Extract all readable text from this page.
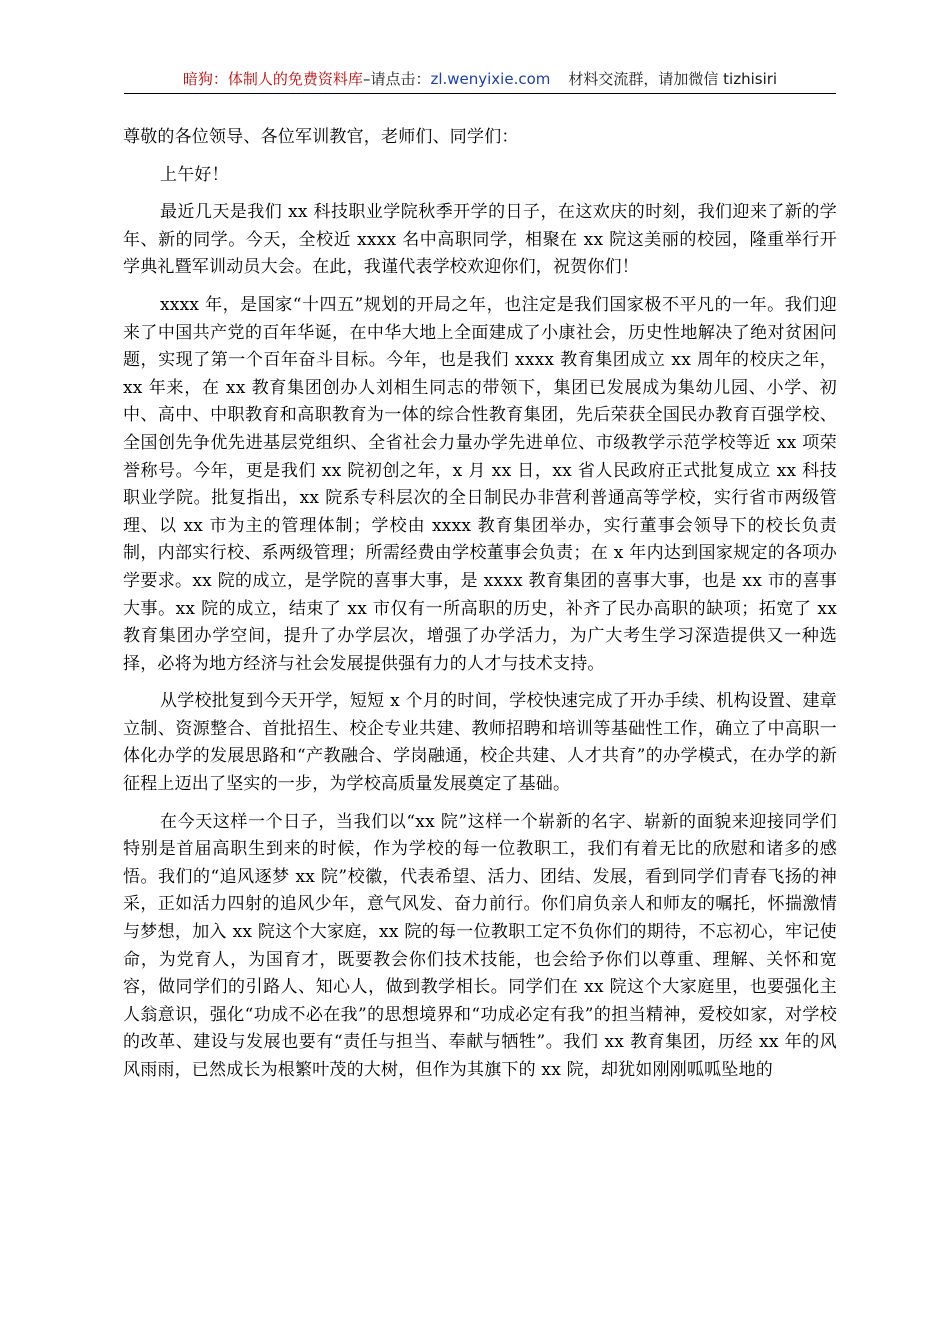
暗狗：体制人的免费资料库 –请点击： zl.wenyixie.com 材料交流群，请加微信 tizhisiri

尊敬的各位领导、各位军训教官，老师们、同学们：

上午好！

最近几天是我们 xx 科技职业学院秋季开学的日子，在这欢庆的时刻，我们迎来了新的学年、新的同学。今天，全校近 xxxx 名中高职同学，相聚在 xx 院这美丽的校园，隆重举行开学典礼暨军训动员大会。在此，我谨代表学校欢迎你们，祝贺你们！

xxxx 年，是国家“十四五”规划的开局之年，也注定是我们国家极不平凡的一年。我们迎来了中国共产党的百年华诞，在中华大地上全面建成了小康社会，历史性地解决了绝对贫困问题，实现了第一个百年奋斗目标。今年，也是我们 xxxx 教育集团成立 xx 周年的校庆之年，xx 年来，在 xx 教育集团创办人刘相生同志的带领下，集团已发展成为集幼儿园、小学、初中、高中、中职教育和高职教育为一体的综合性教育集团，先后荣获全国民办教育百强学校、全国创先争优先进基层党组织、全省社会力量办学先进单位、市级教学示范学校等近 xx 项荣誉称号。今年，更是我们 xx 院初创之年，x 月 xx 日，xx 省人民政府正式批复成立 xx 科技职业学院。批复指出，xx 院系专科层次的全日制民办非营利普通高等学校，实行省市两级管理、以 xx 市为主的管理体制；学校由 xxxx 教育集团举办，实行董事会领导下的校长负责制，内部实行校、系两级管理；所需经费由学校董事会负责；在 x 年内达到国家规定的各项办学要求。xx 院的成立，是学院的喜事大事，是 xxxx 教育集团的喜事大事，也是 xx 市的喜事大事。xx 院的成立，结束了 xx 市仅有一所高职的历史，补齐了民办高职的缺项；拓宽了 xx 教育集团办学空间，提升了办学层次，增强了办学活力，为广大考生学习深造提供又一种选择，必将为地方经济与社会发展提供强有力的人才与技术支持。

从学校批复到今天开学，短短 x 个月的时间，学校快速完成了开办手续、机构设置、建章立制、资源整合、首批招生、校企专业共建、教师招聘和培训等基础性工作，确立了中高职一体化办学的发展思路和“产教融合、学岗融通，校企共建、人才共育”的办学模式，在办学的新征程上迈出了坚实的一步，为学校高质量发展奠定了基础。

在今天这样一个日子，当我们以“xx 院”这样一个崭新的名字、崭新的面貌来迎接同学们特别是首届高职生到来的时候，作为学校的每一位教职工，我们有着无比的欣慰和诸多的感悟。我们的“追风逐梦 xx 院”校徽，代表希望、活力、团结、发展，看到同学们青春飞扬的神采，正如活力四射的追风少年，意气风发、奋力前行。你们肩负亲人和师友的嘱托，怀揣激情与梦想，加入 xx 院这个大家庭，xx 院的每一位教职工定不负你们的期待，不忘初心，牢记使命，为党育人，为国育才，既要教会你们技术技能，也会给予你们以尊重、理解、关怀和宽容，做同学们的引路人、知心人，做到教学相长。同学们在 xx 院这个大家庭里，也要强化主人翁意识，强化“功成不必在我”的思想境界和“功成必定有我”的担当精神，爱校如家，对学校的改革、建设与发展也要有“责任与担当、奉献与牺牲”。我们 xx 教育集团，历经 xx 年的风风雨雨，已然成长为根繁叶茂的大树，但作为其旗下的 xx 院，却犹如刚刚呱呱坠地的
